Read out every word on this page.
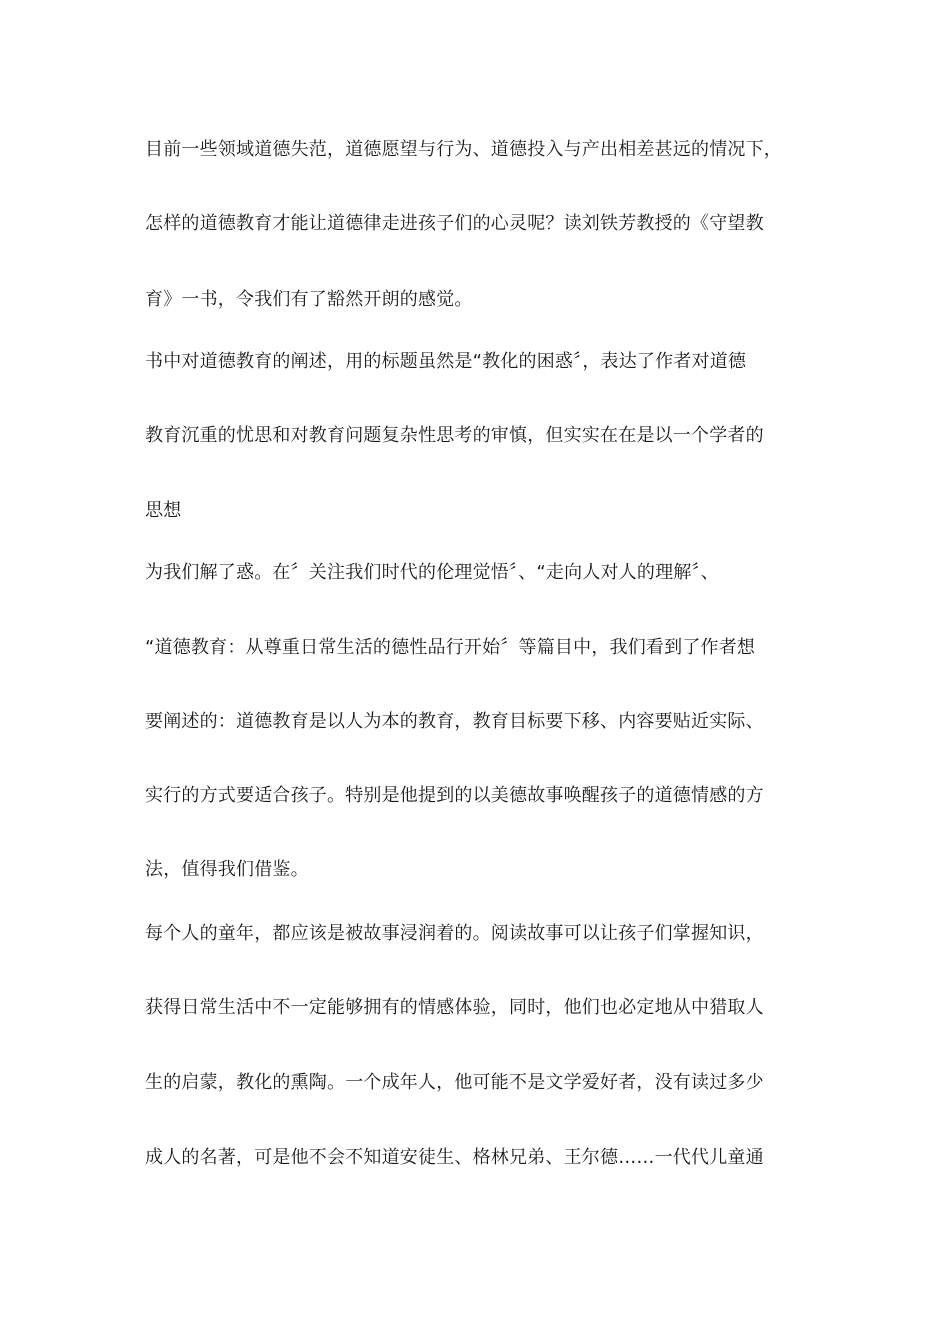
目前一些领域道德失范，道德愿望与行为、道德投入与产出相差甚远的情况下，

怎样的道德教育才能让道德律走进孩子们的心灵呢？读刘铁芳教授的《守望教

育》一书，令我们有了豁然开朗的感觉。

书中对道德教育的阐述，用的标题虽然是“教化的困惑〞，表达了作者对道德

教育沉重的忧思和对教育问题复杂性思考的审慎，但实实在在是以一个学者的

思想

为我们解了惑。在〞关注我们时代的伦理觉悟〞、“走向人对人的理解〞、

“道德教育：从尊重日常生活的德性品行开始〞等篇目中，我们看到了作者想

要阐述的：道德教育是以人为本的教育，教育目标要下移、内容要贴近实际、

实行的方式要适合孩子。特别是他提到的以美德故事唤醒孩子的道德情感的方

法，值得我们借鉴。

每个人的童年，都应该是被故事浸润着的。阅读故事可以让孩子们掌握知识，

获得日常生活中不一定能够拥有的情感体验，同时，他们也必定地从中猎取人

生的启蒙，教化的熏陶。一个成年人，他可能不是文学爱好者，没有读过多少

成人的名著，可是他不会不知道安徒生、格林兄弟、王尔德……一代代儿童通
